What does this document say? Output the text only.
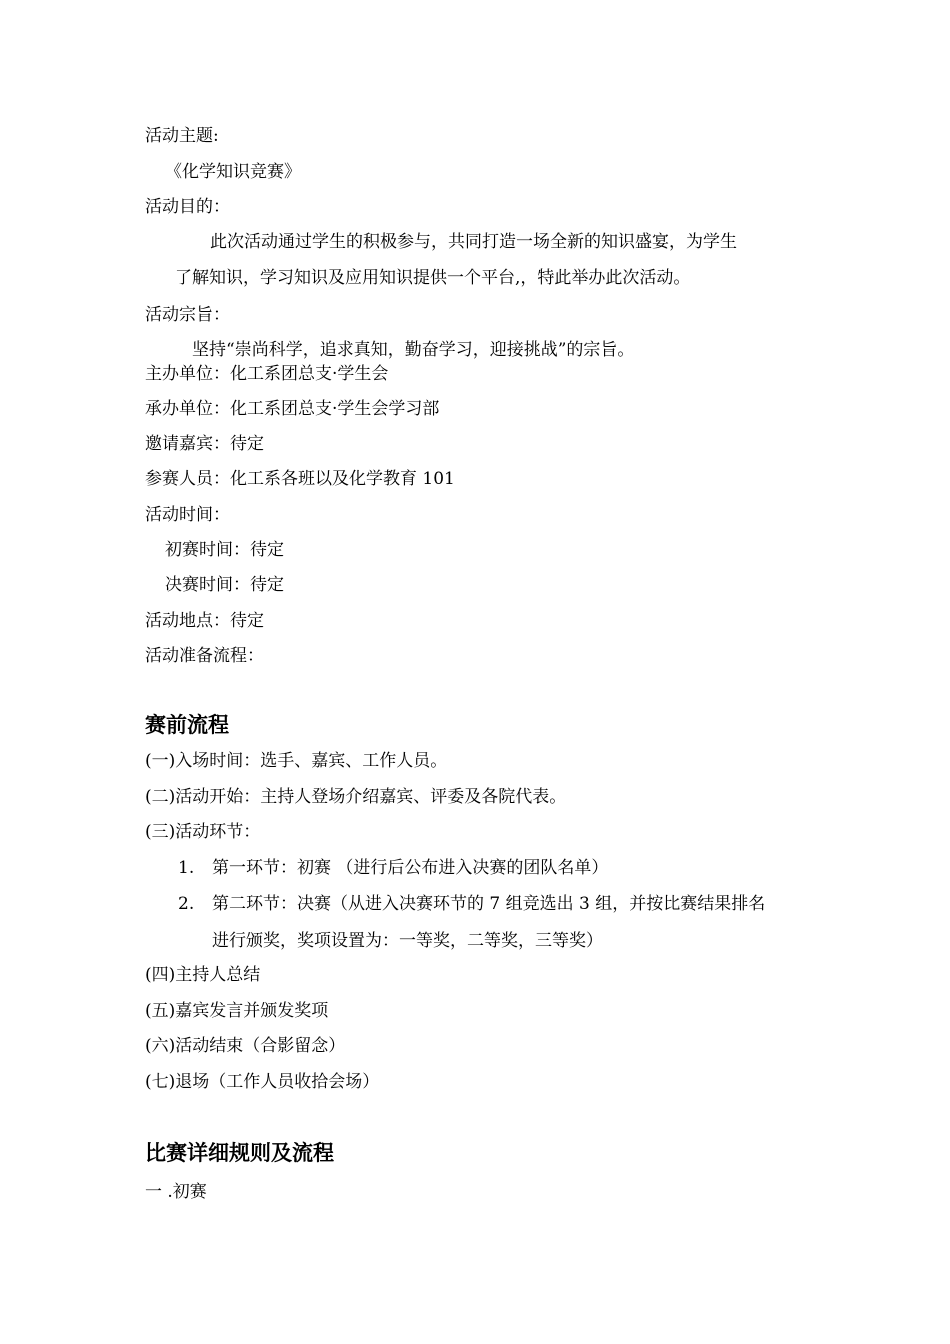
活动主题:
《化学知识竞赛》
活动目的：
此次活动通过学生的积极参与，共同打造一场全新的知识盛宴，为学生
了解知识，学习知识及应用知识提供一个平台,，特此举办此次活动。
活动宗旨：
坚持“崇尚科学，追求真知，勤奋学习，迎接挑战”的宗旨。
主办单位：化工系团总支·学生会
承办单位：化工系团总支·学生会学习部
邀请嘉宾：待定
参赛人员：化工系各班以及化学教育 101
活动时间：
初赛时间：待定
决赛时间：待定
活动地点：待定
活动准备流程：
赛前流程
(一)入场时间：选手、嘉宾、工作人员。
(二)活动开始：主持人登场介绍嘉宾、评委及各院代表。
(三)活动环节：
1. 第一环节：初赛 （进行后公布进入决赛的团队名单）
2. 第二环节：决赛（从进入决赛环节的 7 组竞选出 3 组，并按比赛结果排名
进行颁奖，奖项设置为：一等奖，二等奖，三等奖）
(四)主持人总结
(五)嘉宾发言并颁发奖项
(六)活动结束（合影留念）
(七)退场（工作人员收拾会场）
比赛详细规则及流程
一 .初赛
